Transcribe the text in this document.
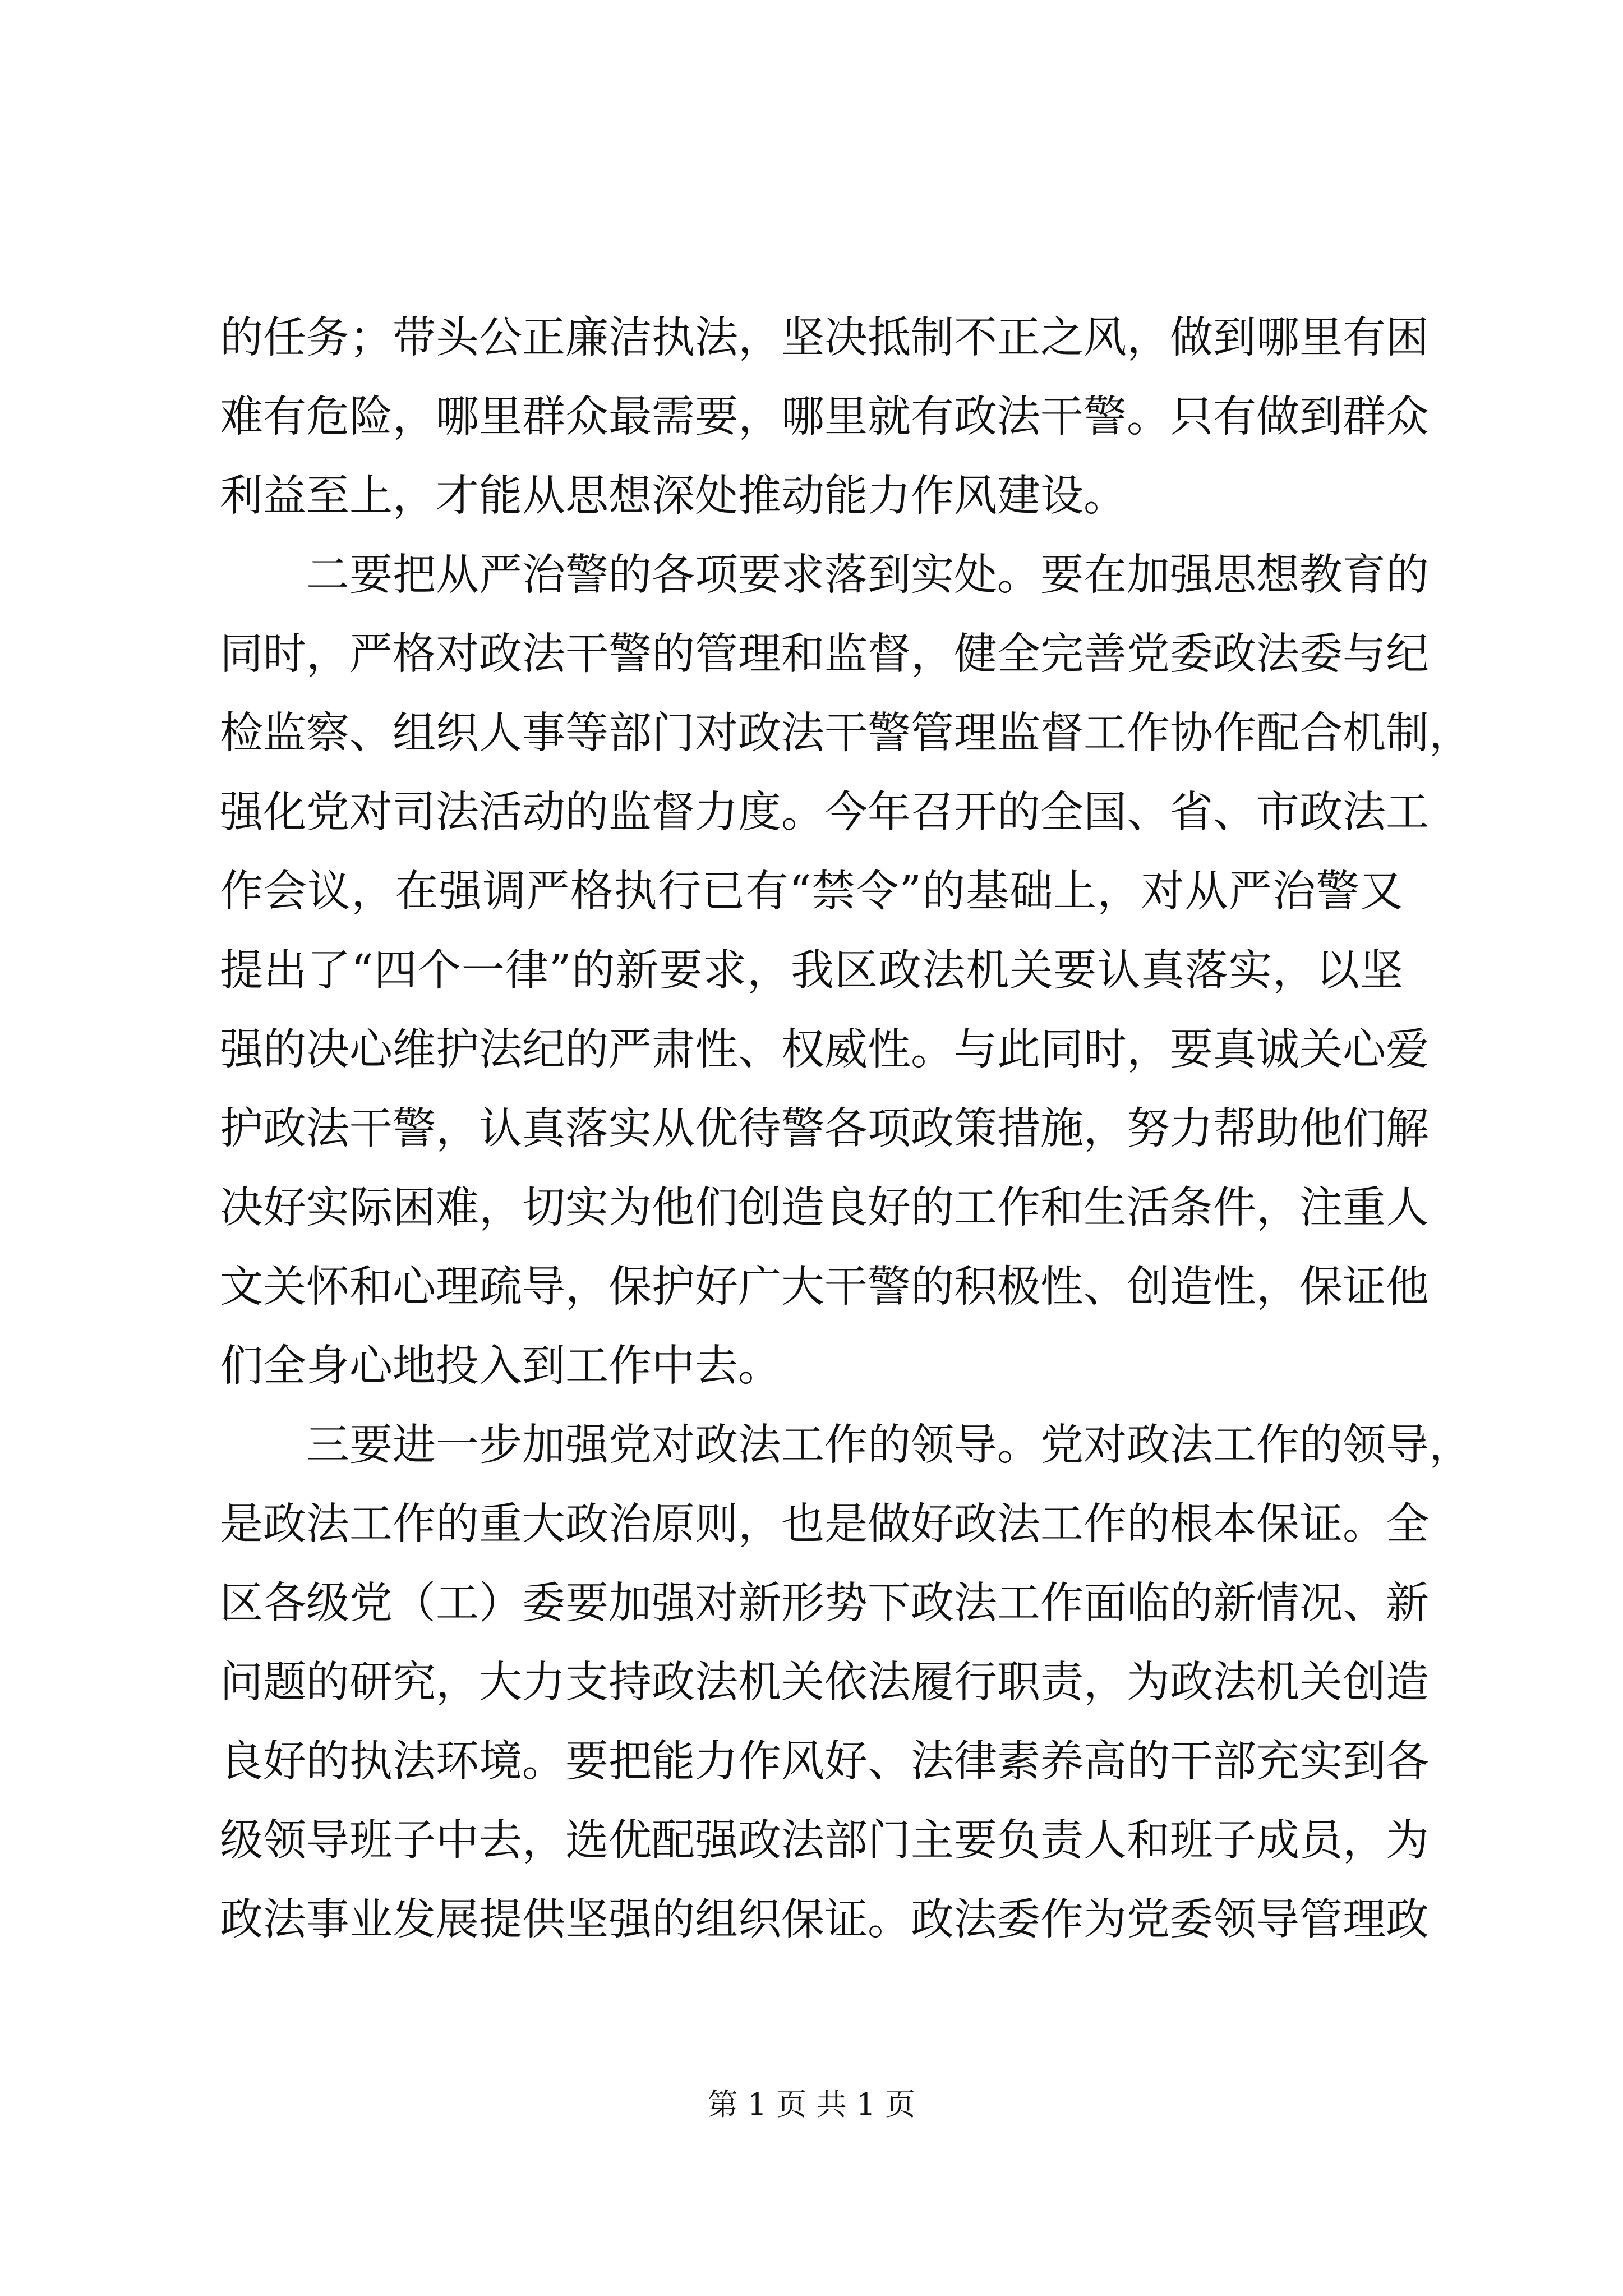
的任务；带头公正廉洁执法，坚决抵制不正之风，做到哪里有困
难有危险，哪里群众最需要，哪里就有政法干警。只有做到群众
利益至上，才能从思想深处推动能力作风建设。
二要把从严治警的各项要求落到实处。要在加强思想教育的
同时，严格对政法干警的管理和监督，健全完善党委政法委与纪
检监察、组织人事等部门对政法干警管理监督工作协作配合机制，
强化党对司法活动的监督力度。今年召开的全国、省、市政法工
作会议，在强调严格执行已有“禁令”的基础上，对从严治警又
提出了“四个一律”的新要求，我区政法机关要认真落实，以坚
强的决心维护法纪的严肃性、权威性。与此同时，要真诚关心爱
护政法干警，认真落实从优待警各项政策措施，努力帮助他们解
决好实际困难，切实为他们创造良好的工作和生活条件，注重人
文关怀和心理疏导，保护好广大干警的积极性、创造性，保证他
们全身心地投入到工作中去。
三要进一步加强党对政法工作的领导。党对政法工作的领导，
是政法工作的重大政治原则，也是做好政法工作的根本保证。全
区各级党（工）委要加强对新形势下政法工作面临的新情况、新
问题的研究，大力支持政法机关依法履行职责，为政法机关创造
良好的执法环境。要把能力作风好、法律素养高的干部充实到各
级领导班子中去，选优配强政法部门主要负责人和班子成员，为
政法事业发展提供坚强的组织保证。政法委作为党委领导管理政
第 1 页 共 1 页
